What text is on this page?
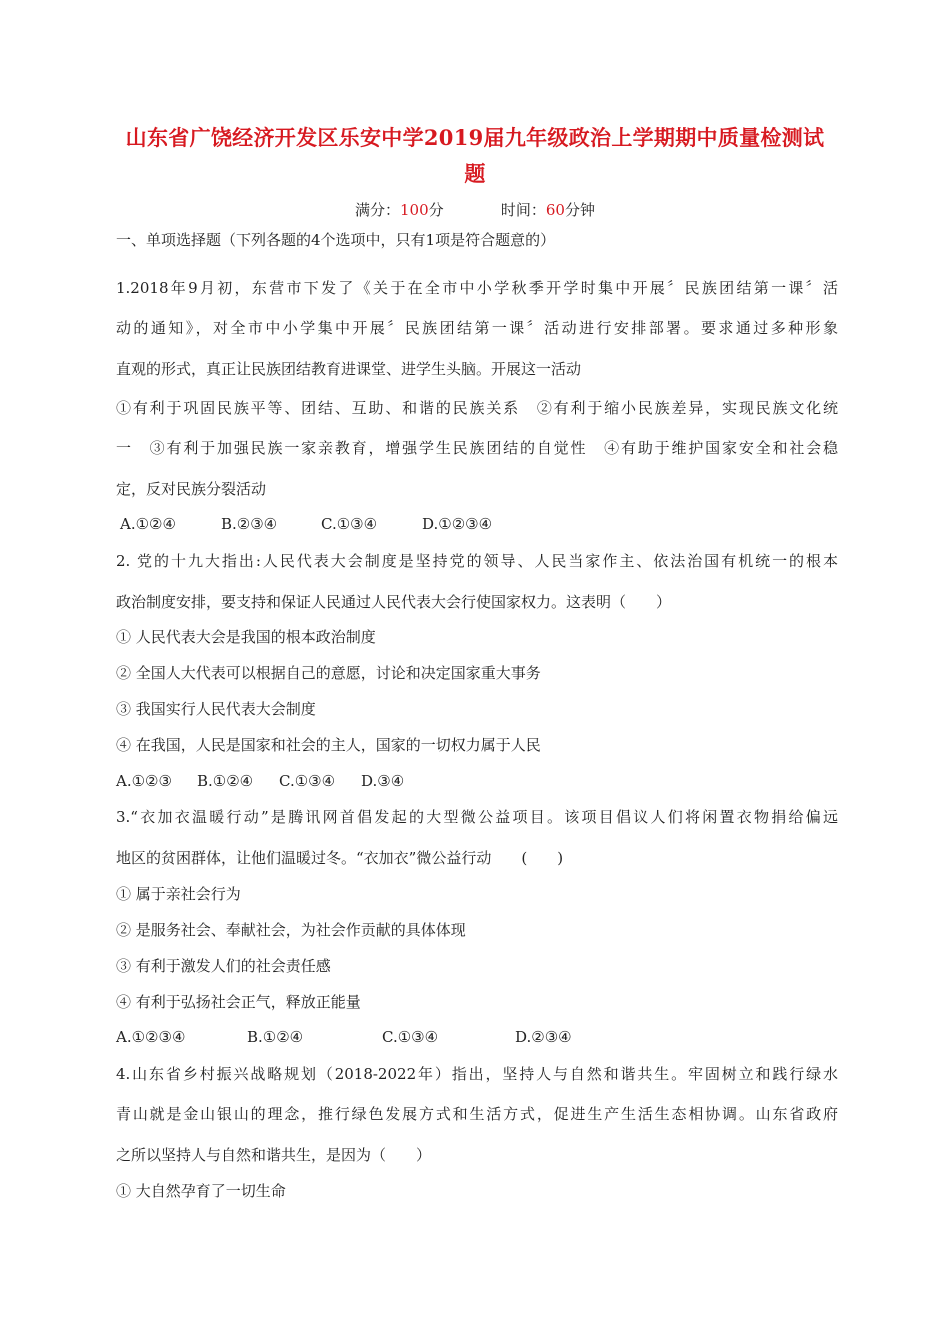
山东省广饶经济开发区乐安中学2019届九年级政治上学期期中质量检测试
题
满分：100分	时间：60分钟
一、单项选择题（下列各题的4个选项中，只有1项是符合题意的）
1.2018年9月初，东营市下发了《关于在全市中小学秋季开学时集中开展〞民族团结第一课〞活
动的通知》，对全市中小学集中开展〞民族团结第一课〞活动进行安排部署。要求通过多种形象
直观的形式，真正让民族团结教育进课堂、进学生头脑。开展这一活动
①有利于巩固民族平等、团结、互助、和谐的民族关系　②有利于缩小民族差异，实现民族文化统
一　③有利于加强民族一家亲教育，增强学生民族团结的自觉性　④有助于维护国家安全和社会稳
定，反对民族分裂活动
A.①②④	B.②③④	C.①③④	D.①②③④
2. 党的十九大指出:人民代表大会制度是坚持党的领导、人民当家作主、依法治国有机统一的根本
政治制度安排，要支持和保证人民通过人民代表大会行使国家权力。这表明（　　）
① 人民代表大会是我国的根本政治制度
② 全国人大代表可以根据自己的意愿，讨论和决定国家重大事务
③ 我国实行人民代表大会制度
④ 在我国，人民是国家和社会的主人，国家的一切权力属于人民
A.①②③ B.①②④ C.①③④ D.③④
3.“衣加衣温暖行动”是腾讯网首倡发起的大型微公益项目。该项目倡议人们将闲置衣物捐给偏远
地区的贫困群体，让他们温暖过冬。“衣加衣”微公益行动　　(　　)
① 属于亲社会行为
② 是服务社会、奉献社会，为社会作贡献的具体体现
③ 有利于激发人们的社会责任感
④ 有利于弘扬社会正气，释放正能量
A.①②③④	B.①②④	C.①③④	D.②③④
4.山东省乡村振兴战略规划（2018-2022年）指出，坚持人与自然和谐共生。牢固树立和践行绿水
青山就是金山银山的理念，推行绿色发展方式和生活方式，促进生产生活生态相协调。山东省政府
之所以坚持人与自然和谐共生，是因为（　　）
① 大自然孕育了一切生命
